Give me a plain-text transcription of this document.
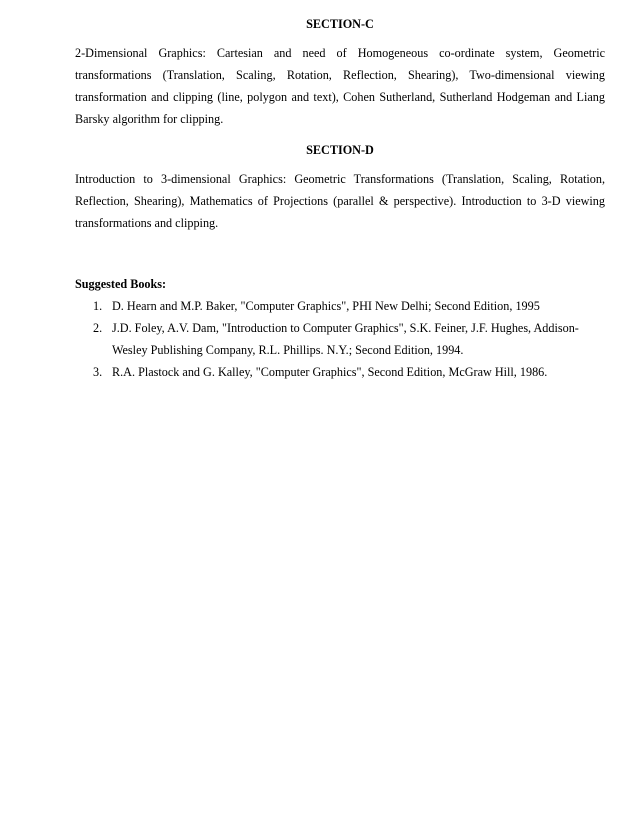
SECTION-C

2-Dimensional Graphics: Cartesian and need of Homogeneous co-ordinate system, Geometric transformations (Translation, Scaling, Rotation, Reflection, Shearing), Two-dimensional viewing transformation and clipping (line, polygon and text), Cohen Sutherland, Sutherland Hodgeman and Liang Barsky algorithm for clipping.

SECTION-D

Introduction to 3-dimensional Graphics: Geometric Transformations (Translation, Scaling, Rotation, Reflection, Shearing), Mathematics of Projections (parallel & perspective). Introduction to 3-D viewing transformations and clipping.

Suggested Books:

1. D. Hearn and M.P. Baker, "Computer Graphics", PHI New Delhi; Second Edition, 1995
2. J.D. Foley, A.V. Dam, "Introduction to Computer Graphics", S.K. Feiner, J.F. Hughes, Addison-Wesley Publishing Company, R.L. Phillips. N.Y.; Second Edition, 1994.
3. R.A. Plastock and G. Kalley, "Computer Graphics", Second Edition, McGraw Hill, 1986.
